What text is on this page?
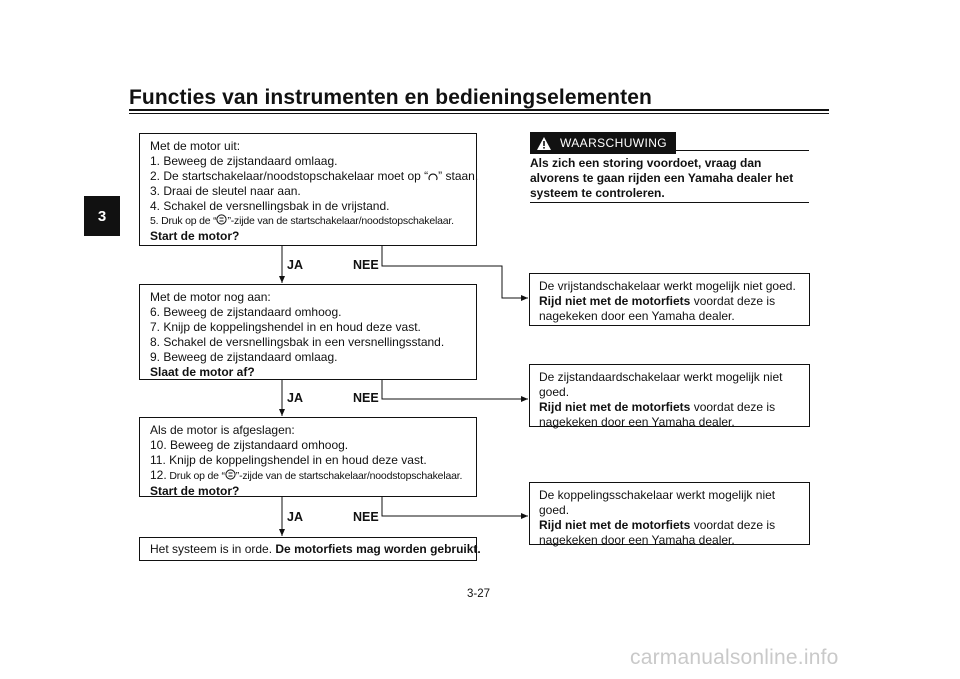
Functies van instrumenten en bedieningselementen
3
Met de motor uit:
1. Beweeg de zijstandaard omlaag.
2. De startschakelaar/noodstopschakelaar moet op “ ” staan.
3. Draai de sleutel naar aan.
4. Schakel de versnellingsbak in de vrijstand.
5. Druk op de “ ”-zijde van de startschakelaar/noodstopschakelaar.
Start de motor?
JA	NEE
Met de motor nog aan:
6. Beweeg de zijstandaard omhoog.
7. Knijp de koppelingshendel in en houd deze vast.
8. Schakel de versnellingsbak in een versnellingsstand.
9. Beweeg de zijstandaard omlaag.
Slaat de motor af?
JA	NEE
Als de motor is afgeslagen:
10. Beweeg de zijstandaard omhoog.
11. Knijp de koppelingshendel in en houd deze vast.
12. Druk op de “ ”-zijde van de startschakelaar/noodstopschakelaar.
Start de motor?
JA	NEE
Het systeem is in orde. De motorfiets mag worden gebruikt.
WAARSCHUWING
Als zich een storing voordoet, vraag dan alvorens te gaan rijden een Yamaha dealer het systeem te controleren.
De vrijstandschakelaar werkt mogelijk niet goed.
Rijd niet met de motorfiets voordat deze is
nagekeken door een Yamaha dealer.
De zijstandaardschakelaar werkt mogelijk niet
goed.
Rijd niet met de motorfiets voordat deze is
nagekeken door een Yamaha dealer.
De koppelingsschakelaar werkt mogelijk niet
goed.
Rijd niet met de motorfiets voordat deze is
nagekeken door een Yamaha dealer.
3-27
carmanualsonline.info
